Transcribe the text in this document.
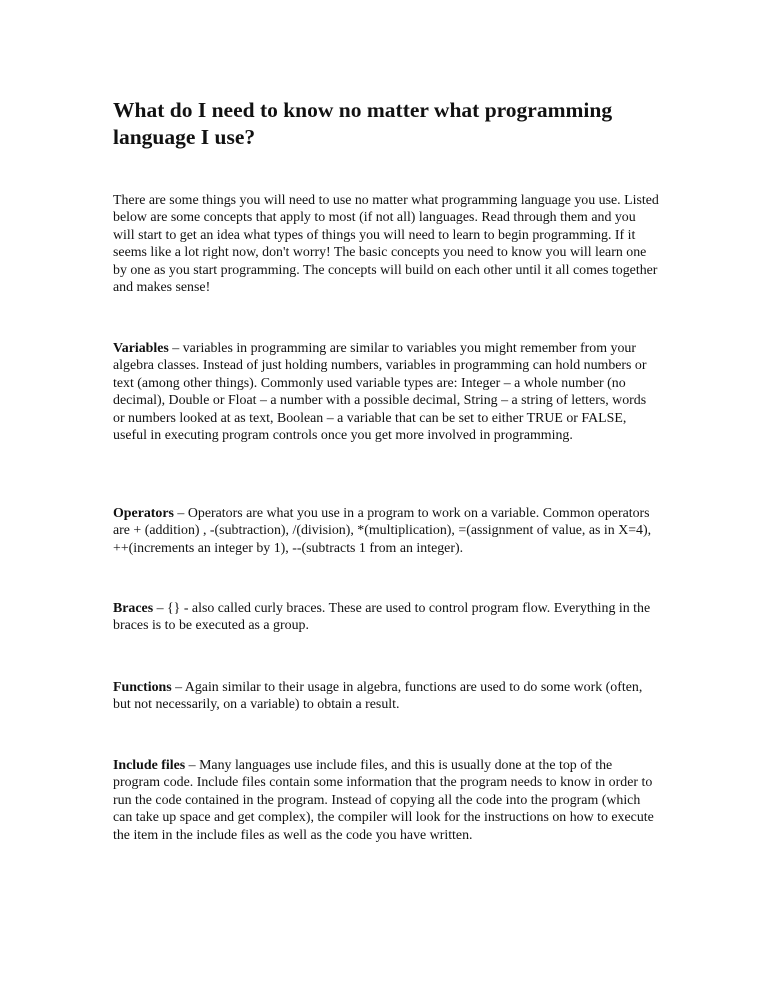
What do I need to know no matter what programming language I use?

There are some things you will need to use no matter what programming language you use. Listed below are some concepts that apply to most (if not all) languages. Read through them and you will start to get an idea what types of things you will need to learn to begin programming. If it seems like a lot right now, don't worry! The basic concepts you need to know you will learn one by one as you start programming. The concepts will build on each other until it all comes together and makes sense!

Variables – variables in programming are similar to variables you might remember from your algebra classes. Instead of just holding numbers, variables in programming can hold numbers or text (among other things). Commonly used variable types are: Integer – a whole number (no decimal), Double or Float – a number with a possible decimal, String – a string of letters, words or numbers looked at as text, Boolean – a variable that can be set to either TRUE or FALSE, useful in executing program controls once you get more involved in programming.

Operators – Operators are what you use in a program to work on a variable. Common operators are + (addition) , -(subtraction), /(division), *(multiplication), =(assignment of value, as in X=4), ++(increments an integer by 1), --(subtracts 1 from an integer).

Braces – {} - also called curly braces. These are used to control program flow. Everything in the braces is to be executed as a group.

Functions – Again similar to their usage in algebra, functions are used to do some work (often, but not necessarily, on a variable) to obtain a result.

Include files – Many languages use include files, and this is usually done at the top of the program code. Include files contain some information that the program needs to know in order to run the code contained in the program. Instead of copying all the code into the program (which can take up space and get complex), the compiler will look for the instructions on how to execute the item in the include files as well as the code you have written.
